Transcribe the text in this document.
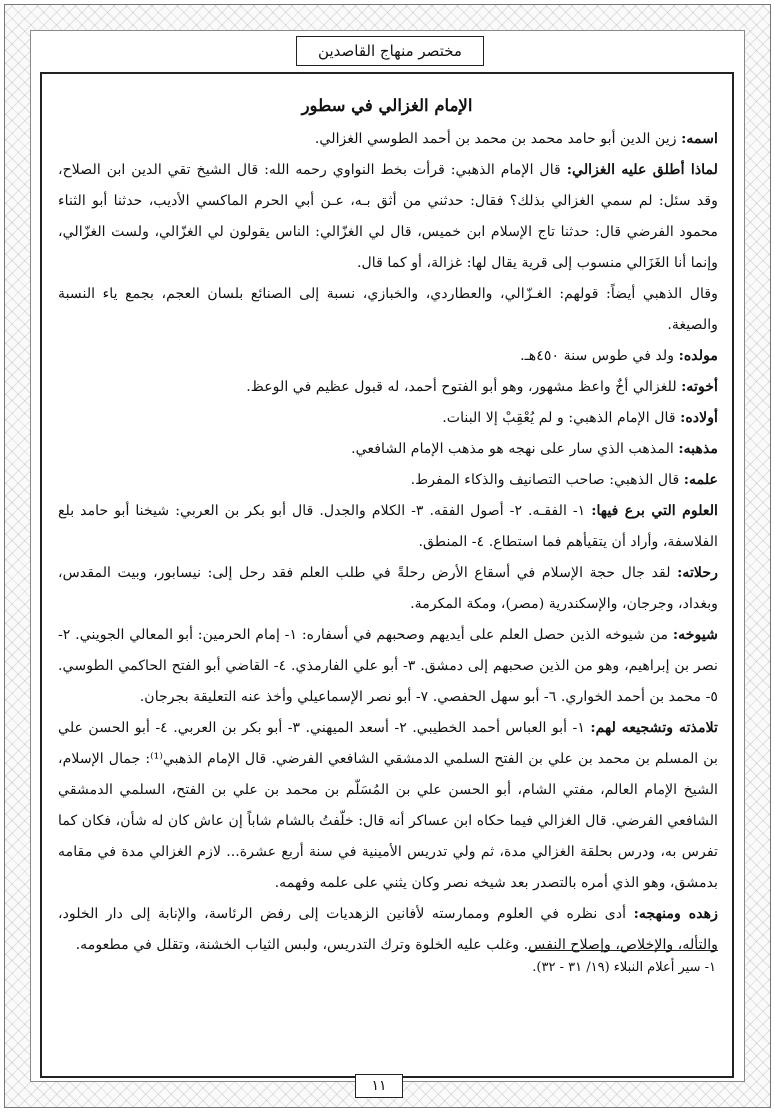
مختصر منهاج القاصدين
الإمام الغزالي في سطور

اسمه: زين الدين أبو حامد محمد بن محمد بن أحمد الطوسي الغزالي.

لماذا أطلق عليه الغزالي: قال الإمام الذهبي: قرأت بخط النواوي رحمه الله: قال الشيخ تقي الدين ابن الصلاح، وقد سئل: لم سمي الغزالي بذلك؟ فقال: حدثني من أثق بـه، عـن أبي الحرم الماكسي الأديب، حدثنا أبو الثناء محمود الفرضي قال: حدثنا تاج الإسلام ابن خميس، قال لي الغزّالي: الناس يقولون لي الغزّالي، ولست الغزّالي، وإنما أنا الغَزَالي منسوب إلى قرية يقال لها: غزالة، أو كما قال.

وقال الذهبي أيضاً: قولهم: الغـزّالي، والعطاردي، والخبازي، نسبة إلى الصنائع بلسان العجم، بجمع ياء النسبة والصيغة.

مولده: ولد في طوس سنة ٤٥٠هـ.

أخوته: للغزالي أخٌ واعظ مشهور، وهو أبو الفتوح أحمد، له قبول عظيم في الوعظ.

أولاده: قال الإمام الذهبي: و لم يُعْقِبْ إلا البنات.

مذهبه: المذهب الذي سار على نهجه هو مذهب الإمام الشافعي.

علمه: قال الذهبي: صاحب التصانيف والذكاء المفرط.

العلوم التي برع فيها: ١- الفقـه. ٢- أصول الفقه. ٣- الكلام والجدل. قال أبو بكر بن العربي: شيخنا أبو حامد بلع الفلاسفة، وأراد أن يتقيأهم فما استطاع. ٤- المنطق.

رحلاته: لقد جال حجة الإسلام في أسقاع الأرض رحلةً في طلب العلم فقد رحل إلى: نيسابور، وبيت المقدس، وبغداد، وجرجان، والإسكندرية (مصر)، ومكة المكرمة.

شيوخه: من شيوخه الذين حصل العلم على أيديهم وصحبهم في أسفاره: ١- إمام الحرمين: أبو المعالي الجويني. ٢- نصر بن إبراهيم، وهو من الذين صحبهم إلى دمشق. ٣- أبو علي الفارمذي. ٤- القاضي أبو الفتح الحاكمي الطوسي. ٥- محمد بن أحمد الخواري. ٦- أبو سهل الحفصي. ٧- أبو نصر الإسماعيلي وأخذ عنه التعليقة بجرجان.

تلامذته وتشجيعه لهم: ١- أبو العباس أحمد الخطيبي. ٢- أسعد الميهني. ٣- أبو بكر بن العربي. ٤- أبو الحسن علي بن المسلم بن محمد بن علي بن الفتح السلمي الدمشقي الشافعي الفرضي. قال الإمام الذهبي⁽¹⁾: جمال الإسلام، الشيخ الإمام العالم، مفتي الشام، أبو الحسن علي بن المُسَلّم بن محمد بن علي بن الفتح، السلمي الدمشقي الشافعي الفرضي. قال الغزالي فيما حكاه ابن عساكر أنه قال: خلّفتُ بالشام شاباً إن عاش كان له شأن، فكان كما تفرس به، ودرس بحلقة الغزالي مدة، ثم ولي تدريس الأمينية في سنة أربع عشرة... لازم الغزالي مدة في مقامه بدمشق، وهو الذي أمره بالتصدر بعد شيخه نصر وكان يثني على علمه وفهمه.

زهده ومنهجه: أدى نظره في العلوم وممارسته لأفانين الزهديات إلى رفض الرئاسة، والإنابة إلى دار الخلود، والتأله، والإخلاص، وإصلاح النفس. وغلب عليه الخلوة وترك التدريس، ولبس الثياب الخشنة، وتقلل في مطعومه.

١- سير أعلام النبلاء (١٩/ ٣١ - ٣٢).
١١
